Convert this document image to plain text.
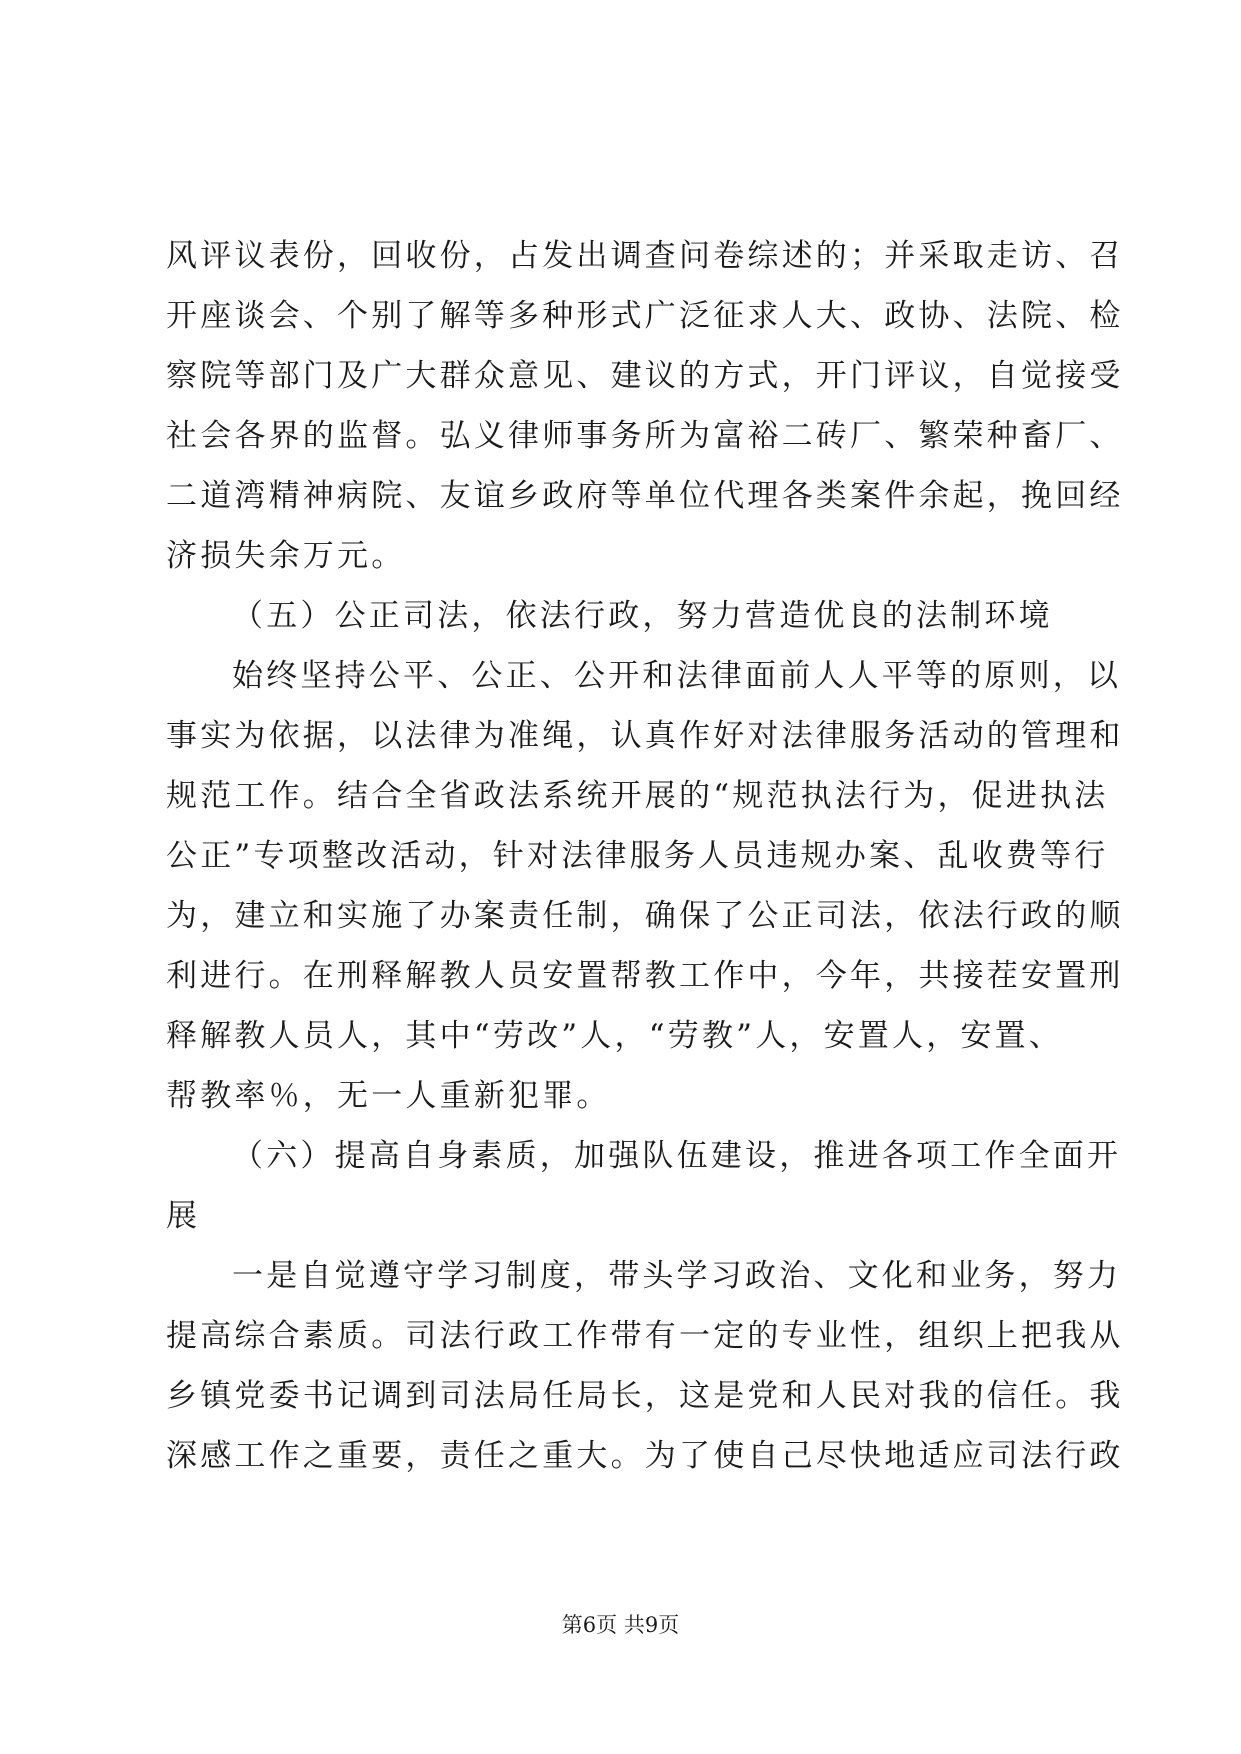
风评议表份，回收份，占发出调查问卷综述的；并采取走访、召
开座谈会、个别了解等多种形式广泛征求人大、政协、法院、检
察院等部门及广大群众意见、建议的方式，开门评议，自觉接受
社会各界的监督。弘义律师事务所为富裕二砖厂、繁荣种畜厂、
二道湾精神病院、友谊乡政府等单位代理各类案件余起，挽回经
济损失余万元。
（五）公正司法，依法行政，努力营造优良的法制环境
始终坚持公平、公正、公开和法律面前人人平等的原则，以
事实为依据，以法律为准绳，认真作好对法律服务活动的管理和
规范工作。结合全省政法系统开展的“规范执法行为，促进执法
公正”专项整改活动，针对法律服务人员违规办案、乱收费等行
为，建立和实施了办案责任制，确保了公正司法，依法行政的顺
利进行。在刑释解教人员安置帮教工作中，今年，共接茬安置刑
释解教人员人，其中“劳改”人，“劳教”人，安置人，安置、
帮教率％，无一人重新犯罪。
（六）提高自身素质，加强队伍建设，推进各项工作全面开
展
一是自觉遵守学习制度，带头学习政治、文化和业务，努力
提高综合素质。司法行政工作带有一定的专业性，组织上把我从
乡镇党委书记调到司法局任局长，这是党和人民对我的信任。我
深感工作之重要，责任之重大。为了使自己尽快地适应司法行政
第6页 共9页
